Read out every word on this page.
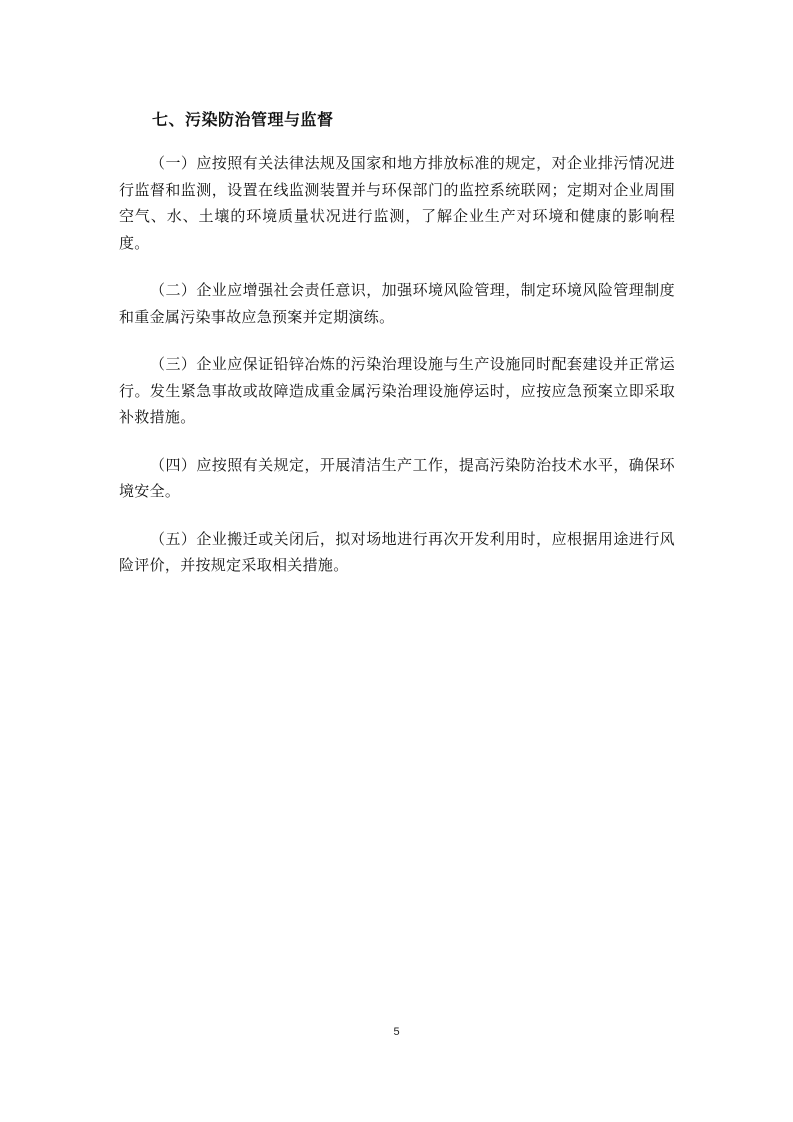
七、污染防治管理与监督

（一）应按照有关法律法规及国家和地方排放标准的规定，对企业排污情况进行监督和监测，设置在线监测装置并与环保部门的监控系统联网；定期对企业周围空气、水、土壤的环境质量状况进行监测，了解企业生产对环境和健康的影响程度。

（二）企业应增强社会责任意识，加强环境风险管理，制定环境风险管理制度和重金属污染事故应急预案并定期演练。

（三）企业应保证铅锌冶炼的污染治理设施与生产设施同时配套建设并正常运行。发生紧急事故或故障造成重金属污染治理设施停运时，应按应急预案立即采取补救措施。

（四）应按照有关规定，开展清洁生产工作，提高污染防治技术水平，确保环境安全。

（五）企业搬迁或关闭后，拟对场地进行再次开发利用时，应根据用途进行风险评价，并按规定采取相关措施。

5
